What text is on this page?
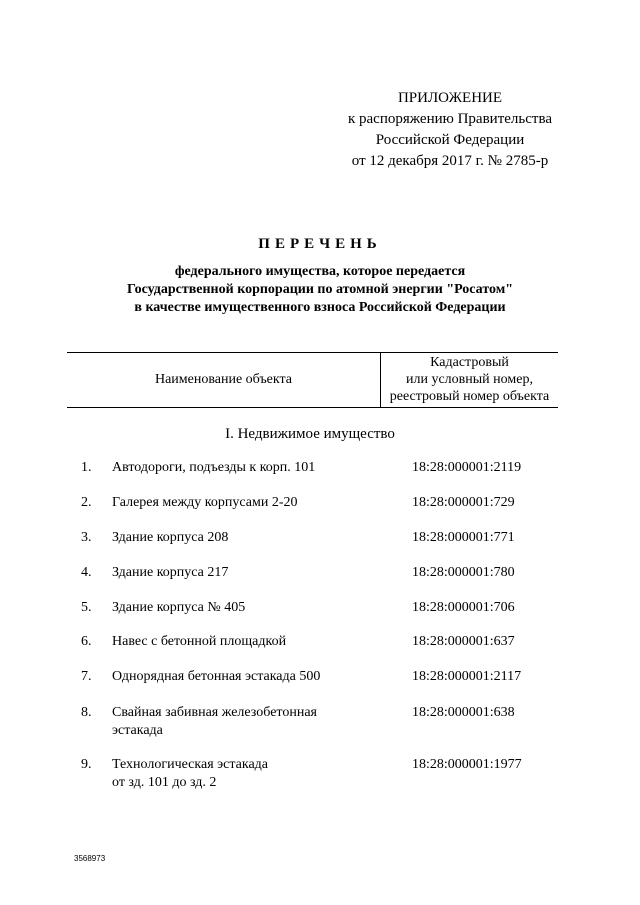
ПРИЛОЖЕНИЕ
к распоряжению Правительства
Российской Федерации
от 12 декабря 2017 г. № 2785-р
ПЕРЕЧЕНЬ
федерального имущества, которое передается
Государственной корпорации по атомной энергии "Росатом"
в качестве имущественного взноса Российской Федерации
Наименование объекта
Кадастровый
или условный номер,
реестровый номер объекта
I. Недвижимое имущество
1. Автодороги, подъезды к корп. 101	18:28:000001:2119
2. Галерея между корпусами 2-20	18:28:000001:729
3. Здание корпуса 208	18:28:000001:771
4. Здание корпуса 217	18:28:000001:780
5. Здание корпуса № 405	18:28:000001:706
6. Навес с бетонной площадкой	18:28:000001:637
7. Однорядная бетонная эстакада 500	18:28:000001:2117
8. Свайная забивная железобетонная
эстакада
18:28:000001:638
9. Технологическая эстакада
от зд. 101 до зд. 2
18:28:000001:1977
3568973
